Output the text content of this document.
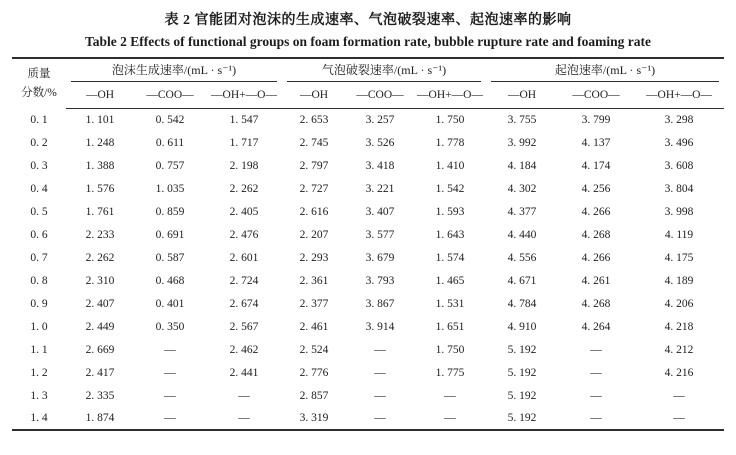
表 2 官能团对泡沫的生成速率、气泡破裂速率、起泡速率的影响
Table 2 Effects of functional groups on foam formation rate, bubble rupture rate and foaming rate
质量
分数/%	泡沫生成速率/(mL · s⁻¹)			气泡破裂速率/(mL · s⁻¹)			起泡速率/(mL · s⁻¹)		

	—OH	—COO—	—OH+—O—	—OH	—COO—	—OH+—O—	—OH	—COO—	—OH+—O—
0. 1	1. 101	0. 542	1. 547	2. 653	3. 257	1. 750	3. 755	3. 799	3. 298
0. 2	1. 248	0. 611	1. 717	2. 745	3. 526	1. 778	3. 992	4. 137	3. 496
0. 3	1. 388	0. 757	2. 198	2. 797	3. 418	1. 410	4. 184	4. 174	3. 608
0. 4	1. 576	1. 035	2. 262	2. 727	3. 221	1. 542	4. 302	4. 256	3. 804
0. 5	1. 761	0. 859	2. 405	2. 616	3. 407	1. 593	4. 377	4. 266	3. 998
0. 6	2. 233	0. 691	2. 476	2. 207	3. 577	1. 643	4. 440	4. 268	4. 119
0. 7	2. 262	0. 587	2. 601	2. 293	3. 679	1. 574	4. 556	4. 266	4. 175
0. 8	2. 310	0. 468	2. 724	2. 361	3. 793	1. 465	4. 671	4. 261	4. 189
0. 9	2. 407	0. 401	2. 674	2. 377	3. 867	1. 531	4. 784	4. 268	4. 206
1. 0	2. 449	0. 350	2. 567	2. 461	3. 914	1. 651	4. 910	4. 264	4. 218
1. 1	2. 669	—	2. 462	2. 524	—	1. 750	5. 192	—	4. 212
1. 2	2. 417	—	2. 441	2. 776	—	1. 775	5. 192	—	4. 216
1. 3	2. 335	—	—	2. 857	—	—	5. 192	—	—
1. 4	1. 874	—	—	3. 319	—	—	5. 192	—	—
